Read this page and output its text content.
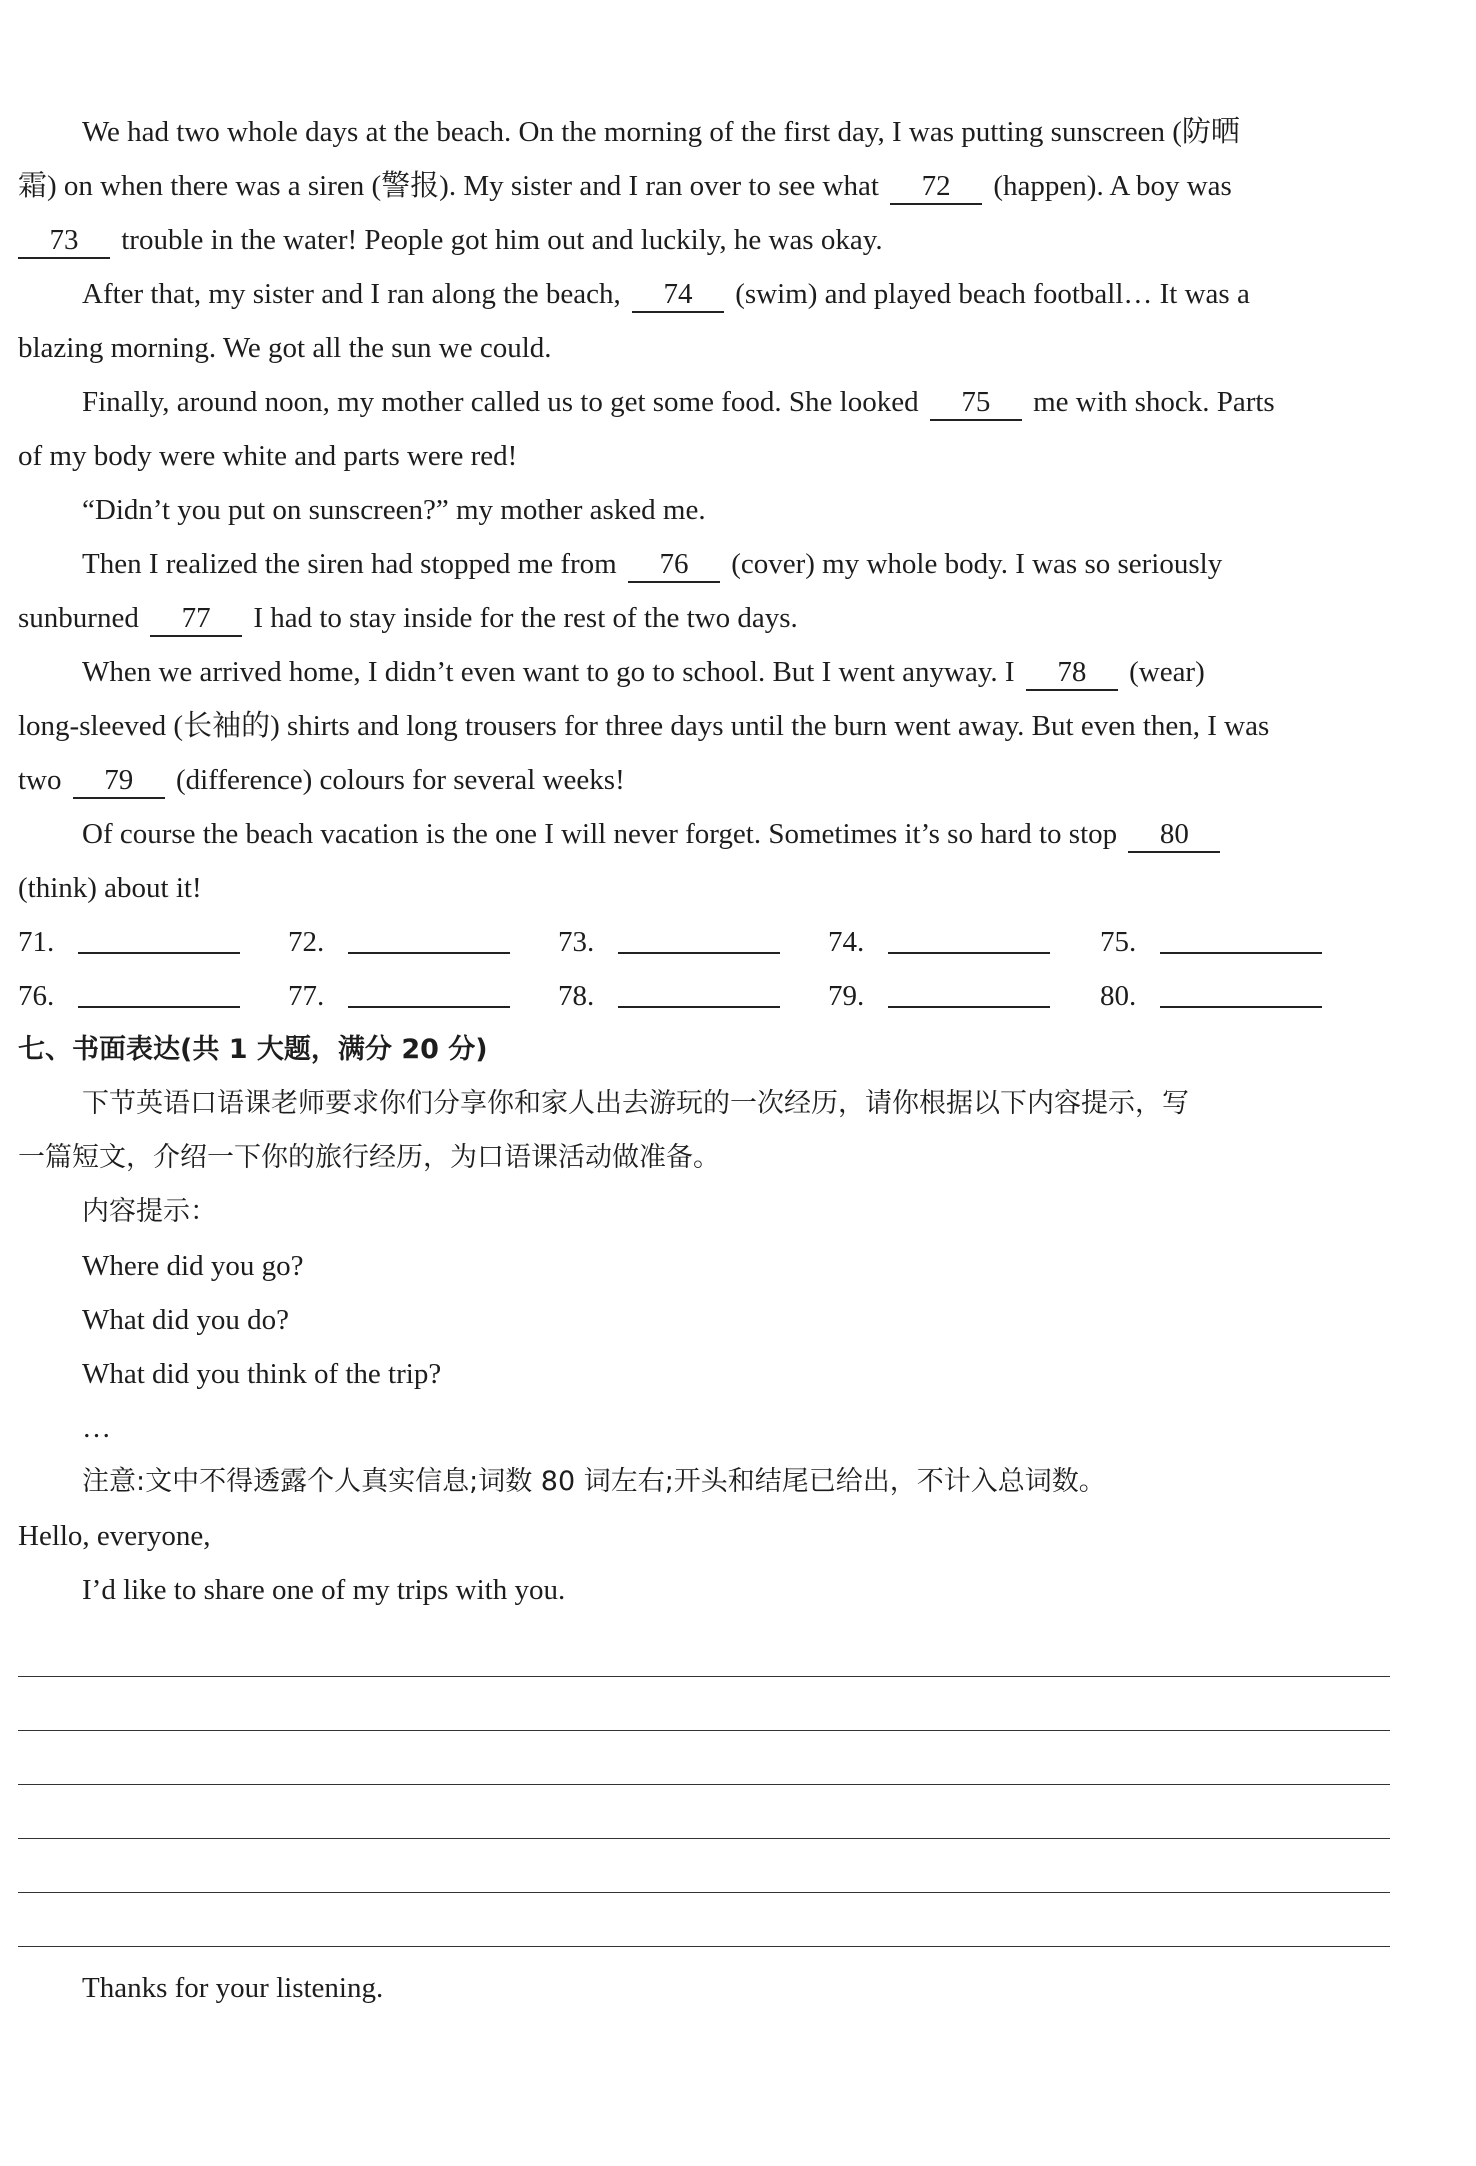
We had two whole days at the beach. On the morning of the first day, I was putting sunscreen (防晒
霜) on when there was a siren (警报). My sister and I ran over to see what 72 (happen). A boy was
73 trouble in the water! People got him out and luckily, he was okay.
After that, my sister and I ran along the beach, 74 (swim) and played beach football… It was a
blazing morning. We got all the sun we could.
Finally, around noon, my mother called us to get some food. She looked 75 me with shock. Parts
of my body were white and parts were red!
“Didn’t you put on sunscreen?” my mother asked me.
Then I realized the siren had stopped me from 76 (cover) my whole body. I was so seriously
sunburned 77 I had to stay inside for the rest of the two days.
When we arrived home, I didn’t even want to go to school. But I went anyway. I 78 (wear)
long-sleeved (长袖的) shirts and long trousers for three days until the burn went away. But even then, I was
two 79 (difference) colours for several weeks!
Of course the beach vacation is the one I will never forget. Sometimes it’s so hard to stop 80
(think) about it!
71.	72.	73.	74.	75.
76.	77.	78.	79.	80.
七、书面表达(共 1 大题，满分 20 分)
下节英语口语课老师要求你们分享你和家人出去游玩的一次经历，请你根据以下内容提示，写
一篇短文，介绍一下你的旅行经历，为口语课活动做准备。
内容提示：
Where did you go?
What did you do?
What did you think of the trip?
…
注意:文中不得透露个人真实信息;词数 80 词左右;开头和结尾已给出，不计入总词数。
Hello, everyone,
I’d like to share one of my trips with you.
Thanks for your listening.
